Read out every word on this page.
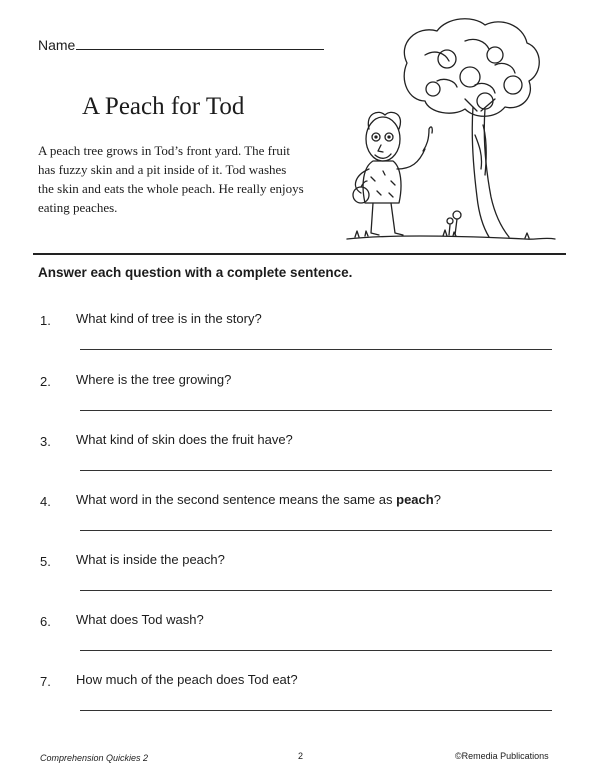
Name
A Peach for Tod
A peach tree grows in Tod’s front yard. The fruit
has fuzzy skin and a pit inside of it. Tod washes
the skin and eats the whole peach. He really enjoys
eating peaches.
Answer each question with a complete sentence.
1. What kind of tree is in the story?
2. Where is the tree growing?
3. What kind of skin does the fruit have?
4. What word in the second sentence means the same as peach?
5. What is inside the peach?
6. What does Tod wash?
7. How much of the peach does Tod eat?
Comprehension Quickies 2	2	©Remedia Publications
